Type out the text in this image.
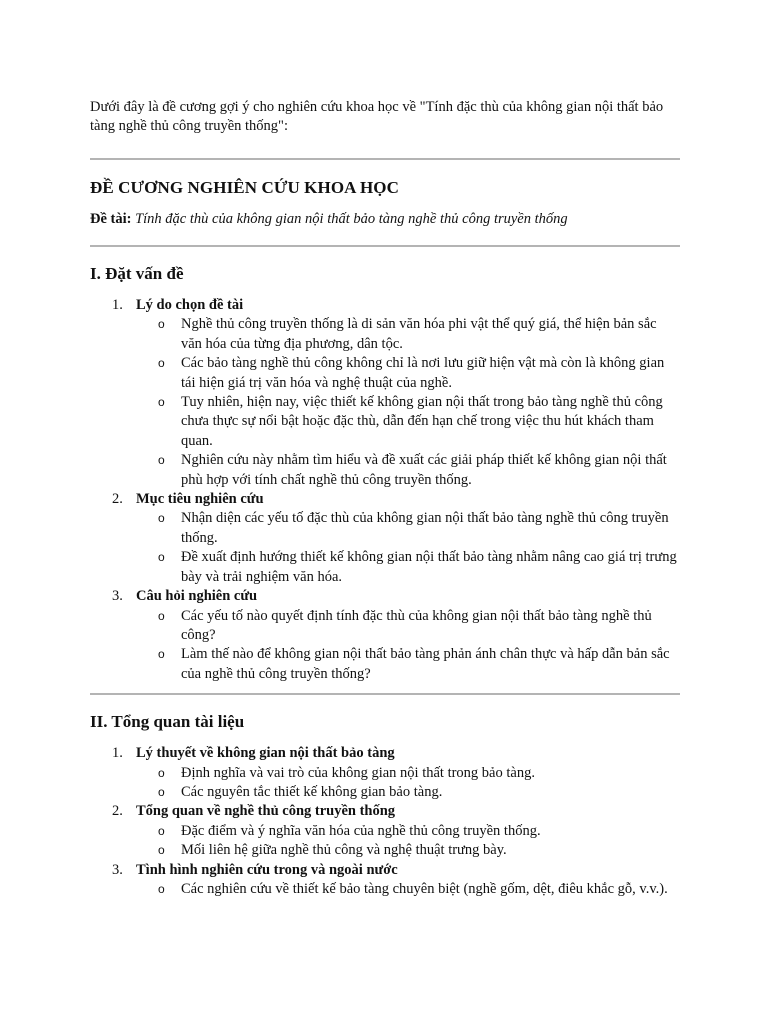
Dưới đây là đề cương gợi ý cho nghiên cứu khoa học về "Tính đặc thù của không gian nội thất bảo tàng nghề thủ công truyền thống":

ĐỀ CƯƠNG NGHIÊN CỨU KHOA HỌC

Đề tài: Tính đặc thù của không gian nội thất bảo tàng nghề thủ công truyền thống

I. Đặt vấn đề
1. Lý do chọn đề tài
o Nghề thủ công truyền thống là di sản văn hóa phi vật thể quý giá, thể hiện bản sắc văn hóa của từng địa phương, dân tộc.
o Các bảo tàng nghề thủ công không chỉ là nơi lưu giữ hiện vật mà còn là không gian tái hiện giá trị văn hóa và nghệ thuật của nghề.
o Tuy nhiên, hiện nay, việc thiết kế không gian nội thất trong bảo tàng nghề thủ công chưa thực sự nổi bật hoặc đặc thù, dẫn đến hạn chế trong việc thu hút khách tham quan.
o Nghiên cứu này nhằm tìm hiểu và đề xuất các giải pháp thiết kế không gian nội thất phù hợp với tính chất nghề thủ công truyền thống.
2. Mục tiêu nghiên cứu
o Nhận diện các yếu tố đặc thù của không gian nội thất bảo tàng nghề thủ công truyền thống.
o Đề xuất định hướng thiết kế không gian nội thất bảo tàng nhằm nâng cao giá trị trưng bày và trải nghiệm văn hóa.
3. Câu hỏi nghiên cứu
o Các yếu tố nào quyết định tính đặc thù của không gian nội thất bảo tàng nghề thủ công?
o Làm thế nào để không gian nội thất bảo tàng phản ánh chân thực và hấp dẫn bản sắc của nghề thủ công truyền thống?
II. Tổng quan tài liệu
1. Lý thuyết về không gian nội thất bảo tàng
o Định nghĩa và vai trò của không gian nội thất trong bảo tàng.
o Các nguyên tắc thiết kế không gian bảo tàng.
2. Tổng quan về nghề thủ công truyền thống
o Đặc điểm và ý nghĩa văn hóa của nghề thủ công truyền thống.
o Mối liên hệ giữa nghề thủ công và nghệ thuật trưng bày.
3. Tình hình nghiên cứu trong và ngoài nước
o Các nghiên cứu về thiết kế bảo tàng chuyên biệt (nghề gốm, dệt, điêu khắc gỗ, v.v.).
